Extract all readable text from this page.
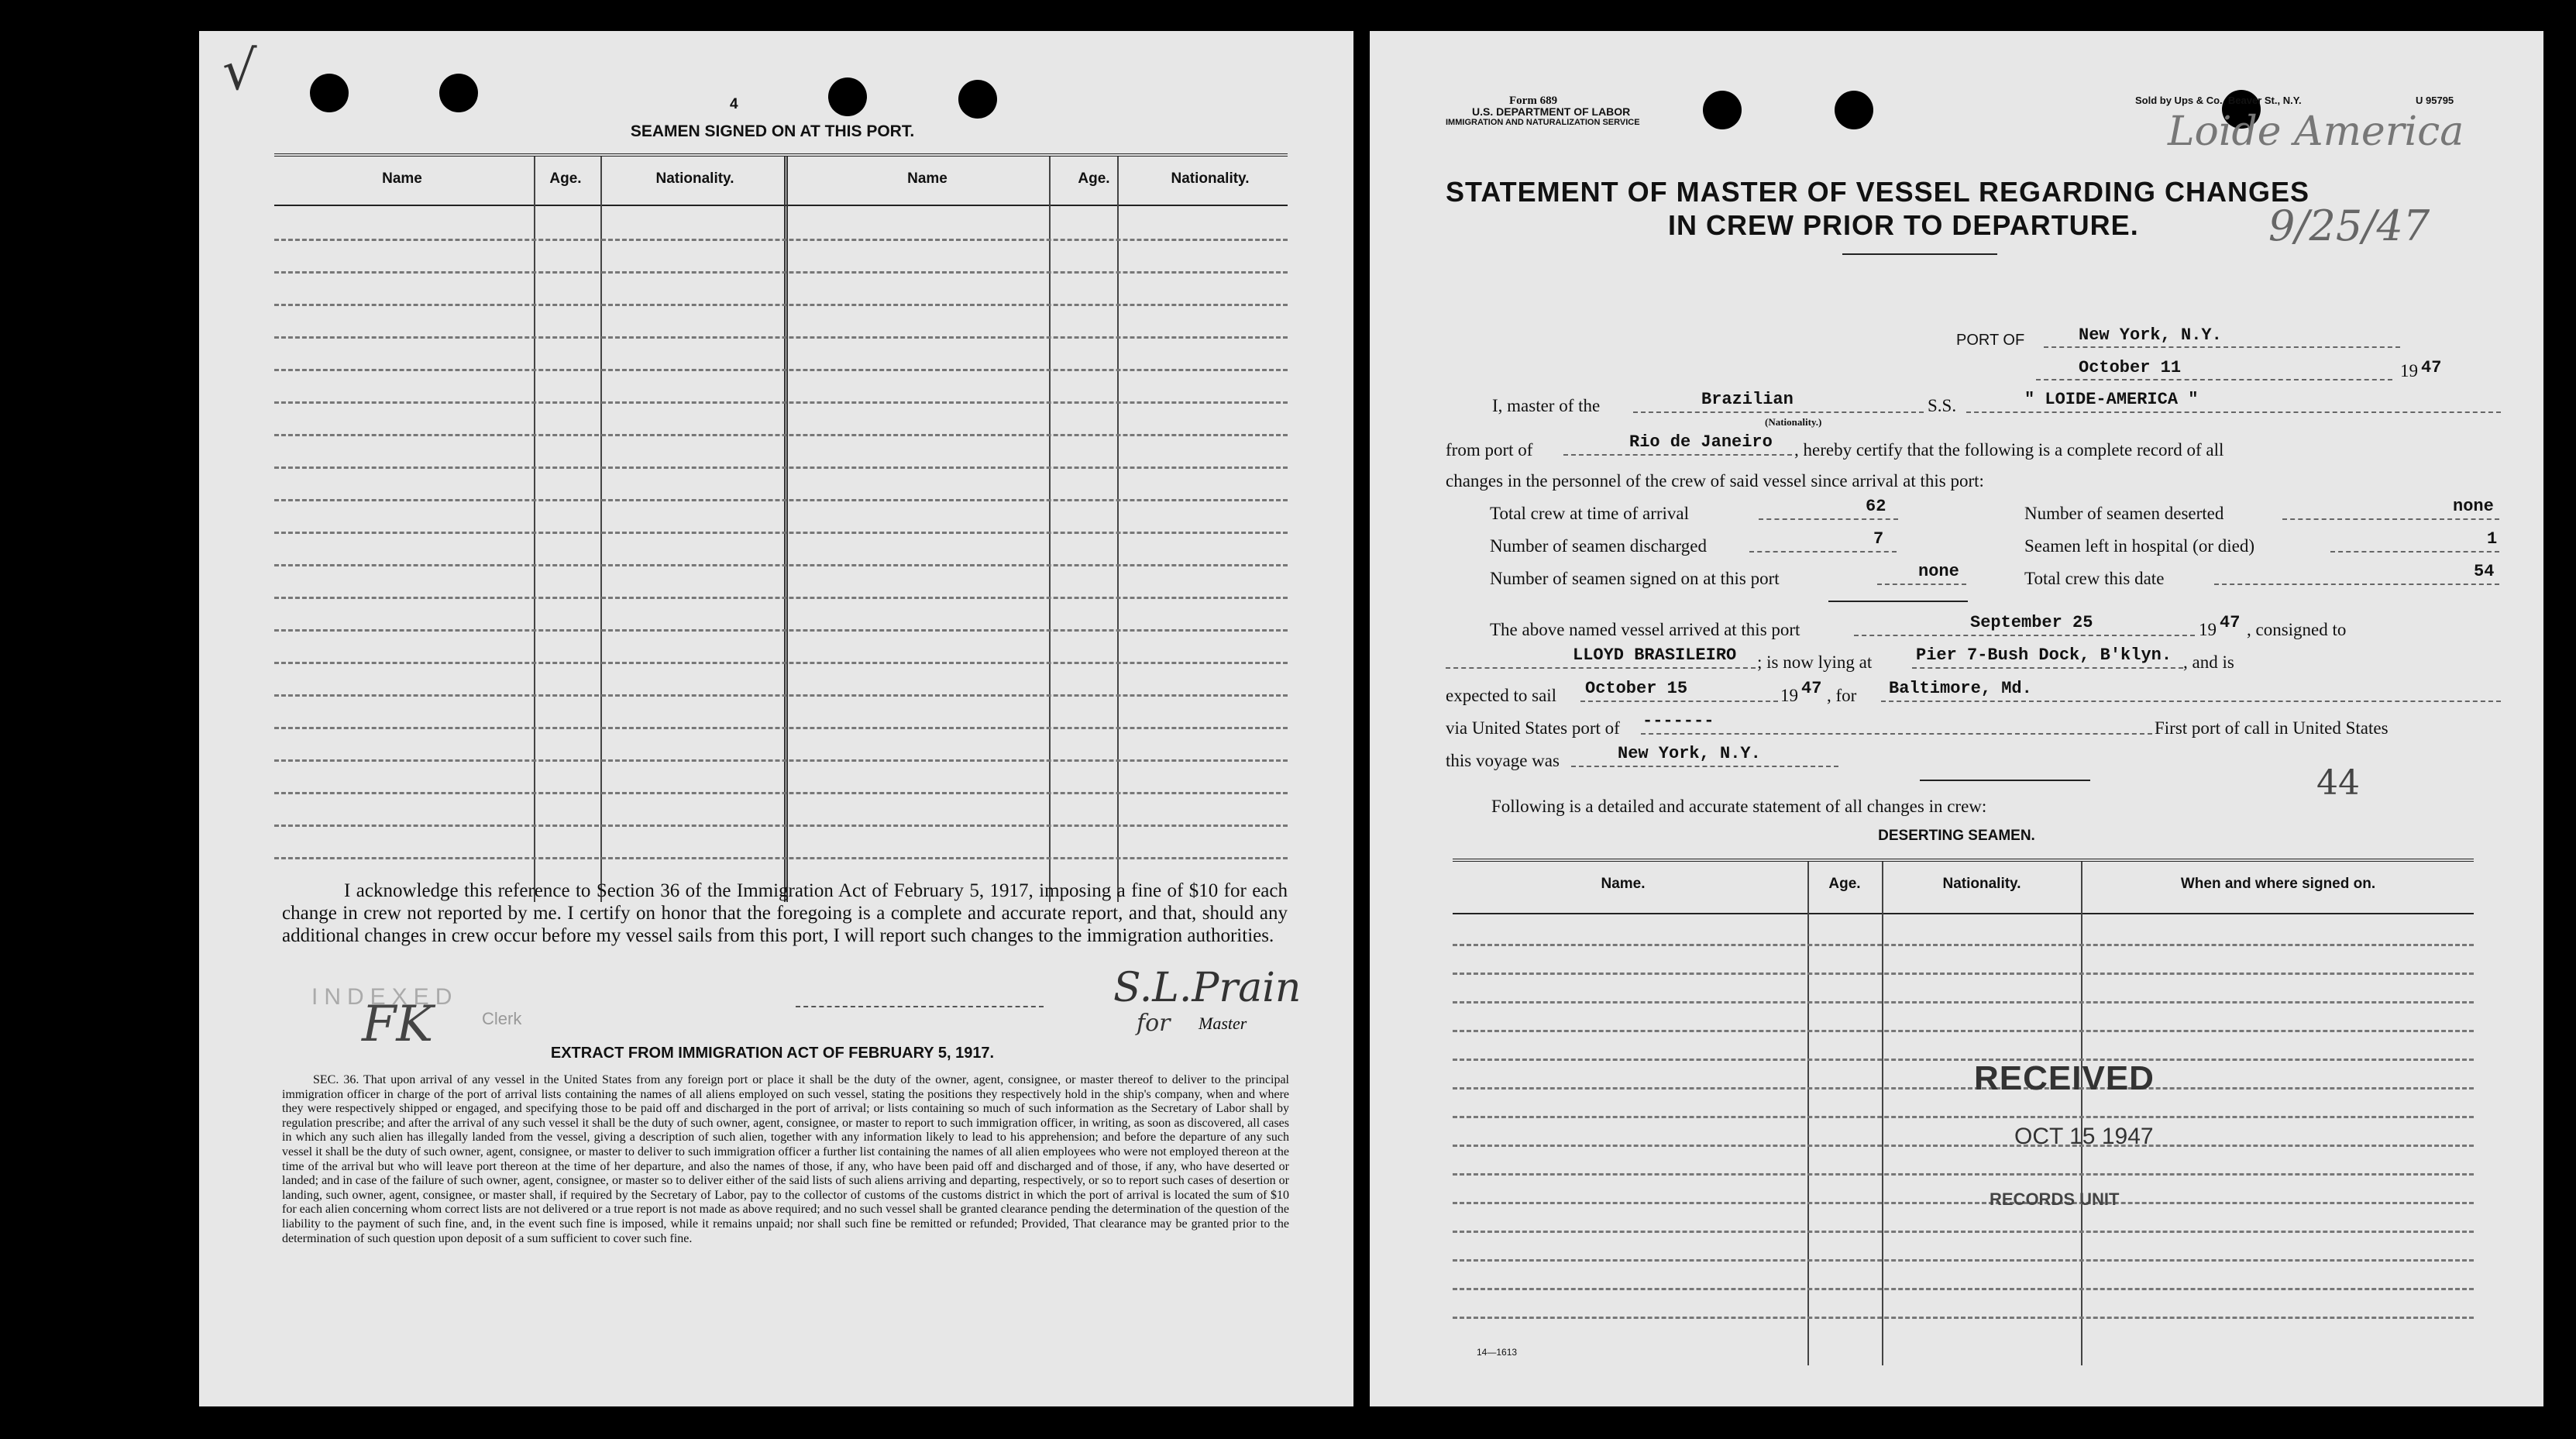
√
4
SEAMEN SIGNED ON AT THIS PORT.
Name	Age.	Nationality.	Name	Age.	Nationality.
I acknowledge this reference to Section 36 of the Immigration Act of February 5, 1917, imposing a fine of $10 for each change in crew not reported by me. I certify on honor that the foregoing is a complete and accurate report, and that, should any additional changes in crew occur before my vessel sails from this port, I will report such changes to the immigration authorities.
INDEXED
FK	Clerk
S.L.Prain
for Master
EXTRACT FROM IMMIGRATION ACT OF FEBRUARY 5, 1917.
SEC. 36. That upon arrival of any vessel in the United States from any foreign port or place it shall be the duty of the owner, agent, consignee, or master thereof to deliver to the principal immigration officer in charge of the port of arrival lists containing the names of all aliens employed on such vessel, stating the positions they respectively hold in the ship's company, when and where they were respectively shipped or engaged, and specifying those to be paid off and discharged in the port of arrival; or lists containing so much of such information as the Secretary of Labor shall by regulation prescribe; and after the arrival of any such vessel it shall be the duty of such owner, agent, consignee, or master to report to such immigration officer, in writing, as soon as discovered, all cases in which any such alien has illegally landed from the vessel, giving a description of such alien, together with any information likely to lead to his apprehension; and before the departure of any such vessel it shall be the duty of such owner, agent, consignee, or master to deliver to such immigration officer a further list containing the names of all alien employees who were not employed thereon at the time of the arrival but who will leave port thereon at the time of her departure, and also the names of those, if any, who have been paid off and discharged and of those, if any, who have deserted or landed; and in case of the failure of such owner, agent, consignee, or master so to deliver either of the said lists of such aliens arriving and departing, respectively, or so to report such cases of desertion or landing, such owner, agent, consignee, or master shall, if required by the Secretary of Labor, pay to the collector of customs of the customs district in which the port of arrival is located the sum of $10 for each alien concerning whom correct lists are not delivered or a true report is not made as above required; and no such vessel shall be granted clearance pending the determination of the question of the liability to the payment of such fine, and, in the event such fine is imposed, while it remains unpaid; nor shall such fine be remitted or refunded; Provided, That clearance may be granted prior to the determination of such question upon deposit of a sum sufficient to cover such fine.
Form 689
U.S. DEPARTMENT OF LABOR
IMMIGRATION AND NATURALIZATION SERVICE
Sold by Ups & Co., Beaver St., N.Y.	U 95795
Loide America
STATEMENT OF MASTER OF VESSEL REGARDING CHANGES
IN CREW PRIOR TO DEPARTURE.	9/25/47
PORT OF	New York, N.Y.
October 11	19 47
I, master of the	Brazilian
(Nationality.)
S.S.	" LOIDE-AMERICA "
from port of	Rio de Janeiro , hereby certify that the following is a complete record of all
changes in the personnel of the crew of said vessel since arrival at this port:
Total crew at time of arrival	62
Number of seamen discharged	7
Number of seamen signed on at this port	none
Number of seamen deserted	none
Seamen left in hospital (or died)	1
Total crew this date	54
The above named vessel arrived at this port	September 25	19 47 , consigned to
LLOYD BRASILEIRO ; is now lying at	Pier 7-Bush Dock, B'klyn. , and is
expected to sail October 15	19 47 , for Baltimore, Md.
via United States port of -------	First port of call in United States
this voyage was	New York, N.Y.
44
Following is a detailed and accurate statement of all changes in crew:
DESERTING SEAMEN.
Name.	Age.	Nationality.	When and where signed on.
RECEIVED
OCT 15 1947
RECORDS UNIT
14—1613
